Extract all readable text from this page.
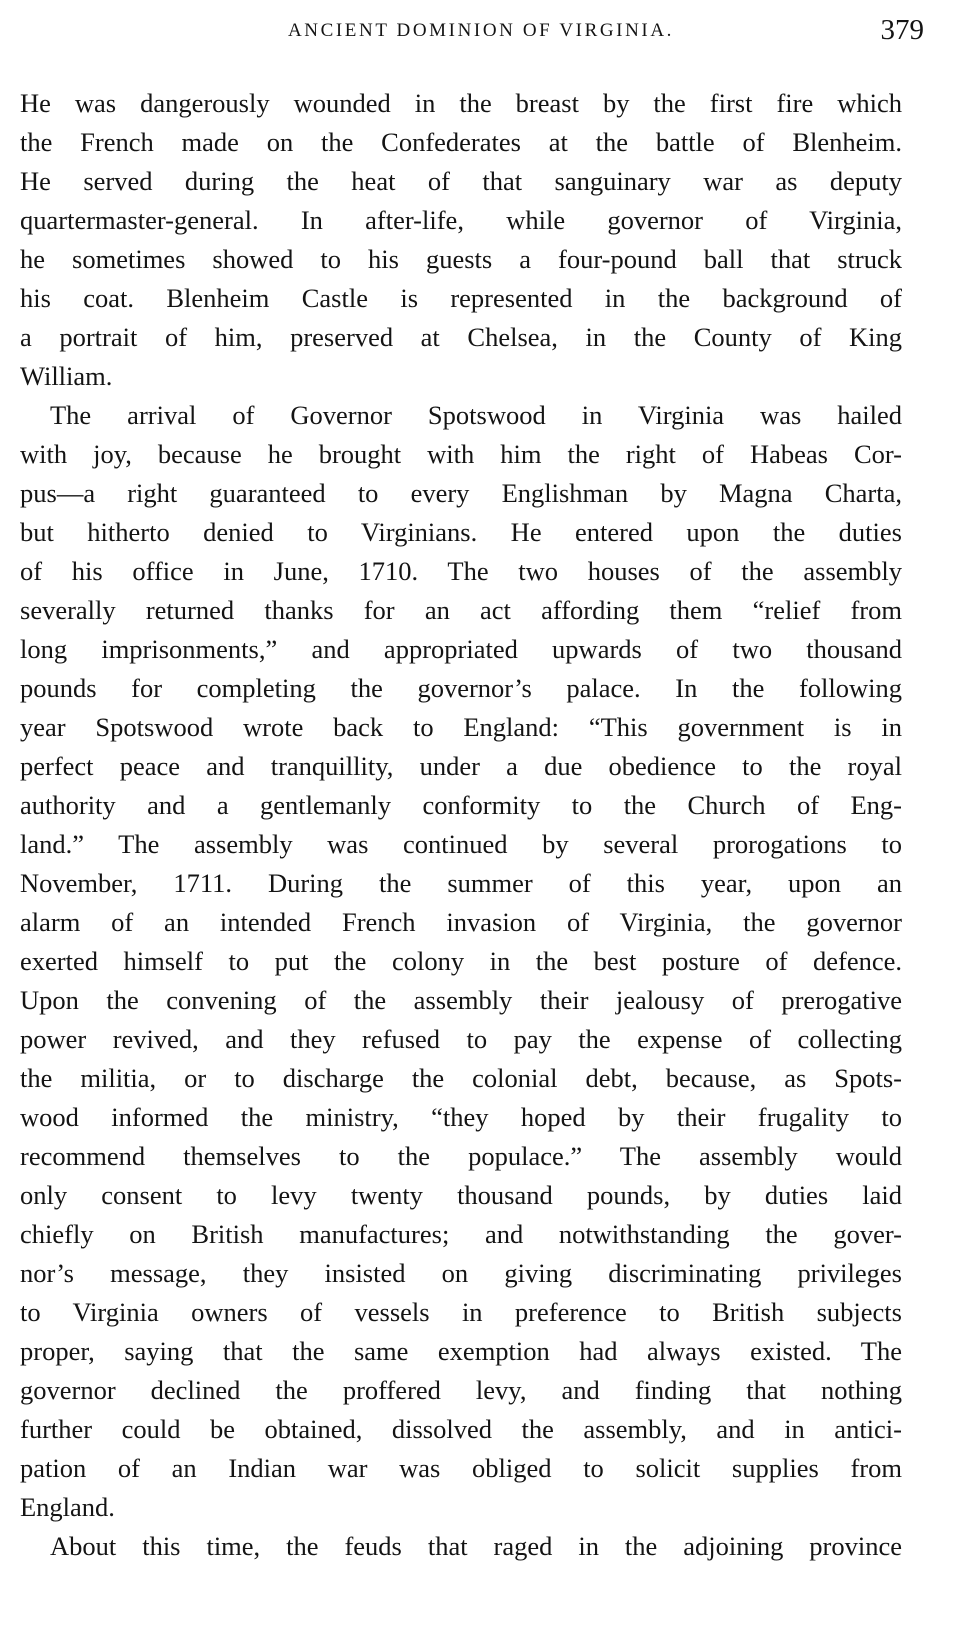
ANCIENT DOMINION OF VIRGINIA.	379
He was dangerously wounded in the breast by the first fire which
the French made on the Confederates at the battle of Blenheim.
He served during the heat of that sanguinary war as deputy
quartermaster-general. In after-life, while governor of Virginia,
he sometimes showed to his guests a four-pound ball that struck
his coat. Blenheim Castle is represented in the background of
a portrait of him, preserved at Chelsea, in the County of King
William.
The arrival of Governor Spotswood in Virginia was hailed
with joy, because he brought with him the right of Habeas Cor-
pus—a right guaranteed to every Englishman by Magna Charta,
but hitherto denied to Virginians. He entered upon the duties
of his office in June, 1710. The two houses of the assembly
severally returned thanks for an act affording them “relief from
long imprisonments,” and appropriated upwards of two thousand
pounds for completing the governor’s palace. In the following
year Spotswood wrote back to England: “This government is in
perfect peace and tranquillity, under a due obedience to the royal
authority and a gentlemanly conformity to the Church of Eng-
land.” The assembly was continued by several prorogations to
November, 1711. During the summer of this year, upon an
alarm of an intended French invasion of Virginia, the governor
exerted himself to put the colony in the best posture of defence.
Upon the convening of the assembly their jealousy of prerogative
power revived, and they refused to pay the expense of collecting
the militia, or to discharge the colonial debt, because, as Spots-
wood informed the ministry, “they hoped by their frugality to
recommend themselves to the populace.” The assembly would
only consent to levy twenty thousand pounds, by duties laid
chiefly on British manufactures; and notwithstanding the gover-
nor’s message, they insisted on giving discriminating privileges
to Virginia owners of vessels in preference to British subjects
proper, saying that the same exemption had always existed. The
governor declined the proffered levy, and finding that nothing
further could be obtained, dissolved the assembly, and in antici-
pation of an Indian war was obliged to solicit supplies from
England.
About this time, the feuds that raged in the adjoining province
